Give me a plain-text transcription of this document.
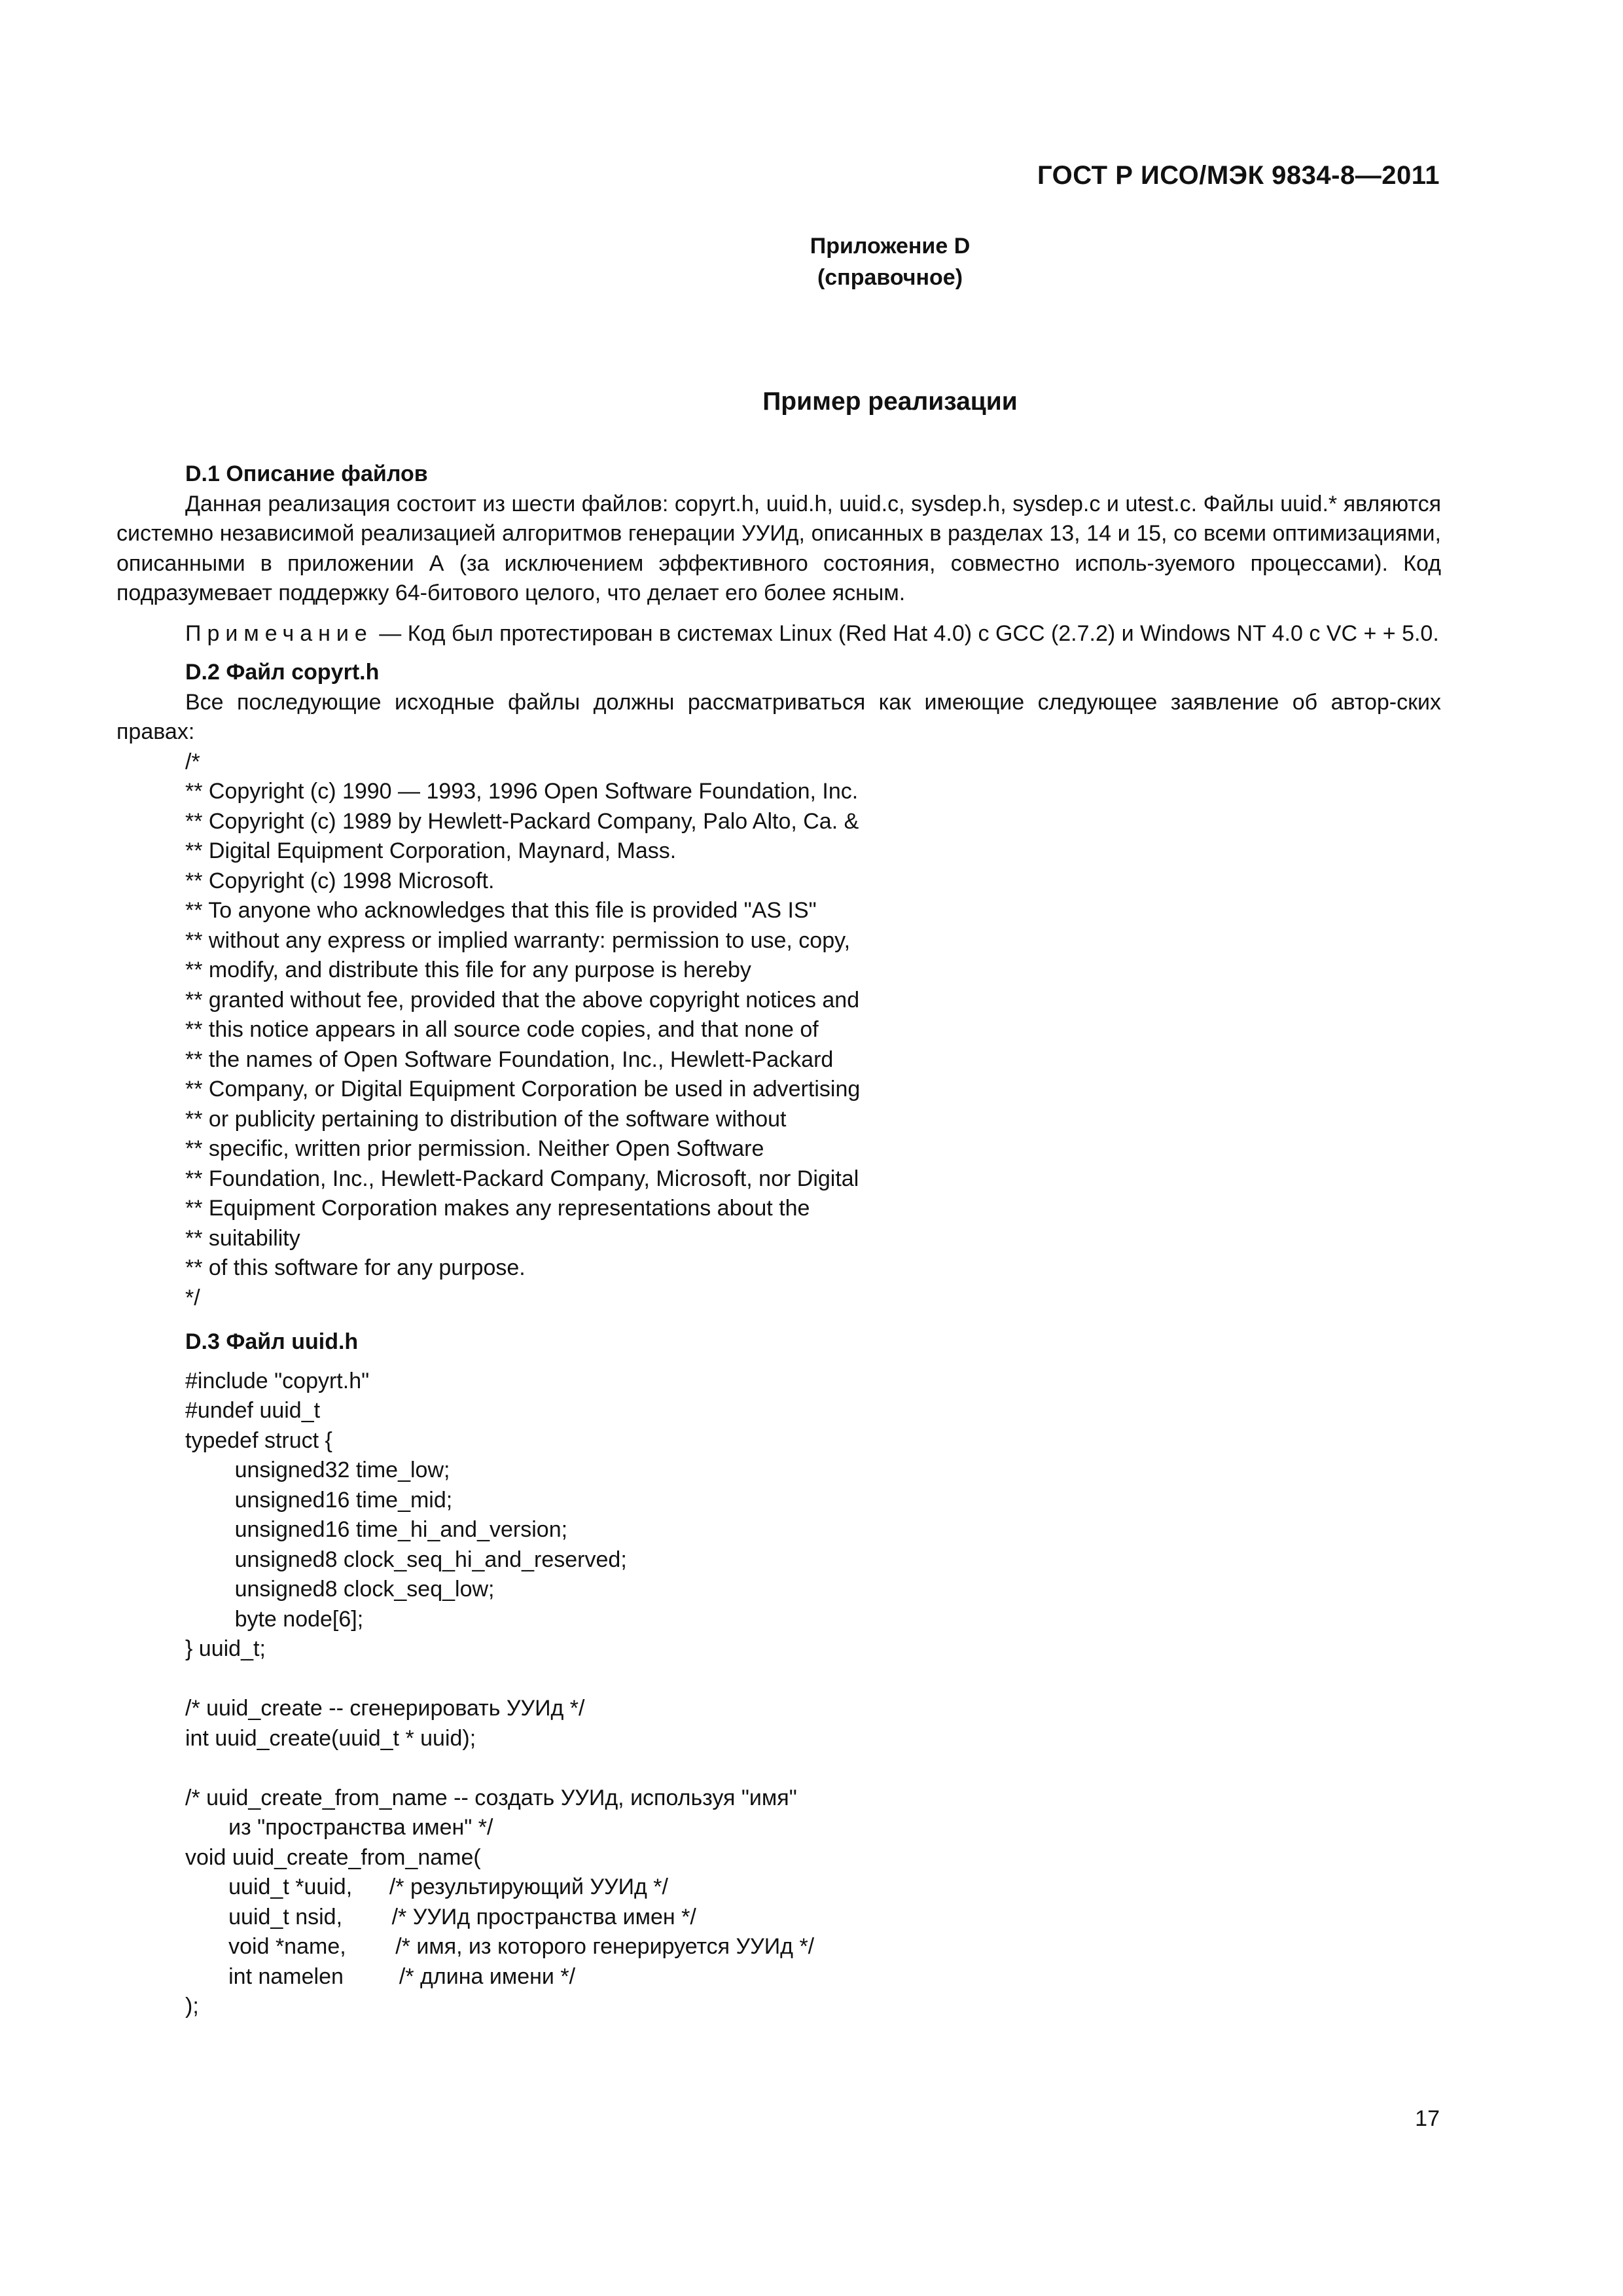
ГОСТ Р ИСО/МЭК 9834-8—2011
Приложение D
(справочное)
Пример реализации

D.1 Описание файлов

Данная реализация состоит из шести файлов: copyrt.h, uuid.h, uuid.c, sysdep.h, sysdep.c и utest.c. Файлы uuid.* являются системно независимой реализацией алгоритмов генерации УУИд, описанных в разделах 13, 14 и 15, со всеми оптимизациями, описанными в приложении А (за исключением эффективного состояния, совместно исполь-зуемого процессами). Код подразумевает поддержку 64-битового целого, что делает его более ясным.

Примечание — Код был протестирован в системах Linux (Red Hat 4.0) с GCC (2.7.2) и Windows NT 4.0 с VC + + 5.0.

D.2 Файл copyrt.h

Все последующие исходные файлы должны рассматриваться как имеющие следующее заявление об автор-ских правах:

/*
** Copyright (c) 1990 — 1993, 1996 Open Software Foundation, Inc.
** Copyright (c) 1989 by Hewlett-Packard Company, Palo Alto, Ca. &
** Digital Equipment Corporation, Maynard, Mass.
** Copyright (c) 1998 Microsoft.
** To anyone who acknowledges that this file is provided "AS IS"
** without any express or implied warranty: permission to use, copy,
** modify, and distribute this file for any purpose is hereby
** granted without fee, provided that the above copyright notices and
** this notice appears in all source code copies, and that none of
** the names of Open Software Foundation, Inc., Hewlett-Packard
** Company, or Digital Equipment Corporation be used in advertising
** or publicity pertaining to distribution of the software without
** specific, written prior permission. Neither Open Software
** Foundation, Inc., Hewlett-Packard Company, Microsoft, nor Digital
** Equipment Corporation makes any representations about the
** suitability
** of this software for any purpose.
*/

D.3 Файл uuid.h

#include "copyrt.h"
#undef uuid_t
typedef struct {
unsigned32 time_low;
unsigned16 time_mid;
unsigned16 time_hi_and_version;
unsigned8 clock_seq_hi_and_reserved;
unsigned8 clock_seq_low;
byte node[6];
} uuid_t;
/* uuid_create -- сгенерировать УУИд */
int uuid_create(uuid_t * uuid);
/* uuid_create_from_name -- создать УУИд, используя "имя"
из "пространства имен" */
void uuid_create_from_name(
uuid_t *uuid,      /* результирующий УУИд */
uuid_t nsid,        /* УУИд пространства имен */
void *name,        /* имя, из которого генерируется УУИд */
int namelen         /* длина имени */
);
17
